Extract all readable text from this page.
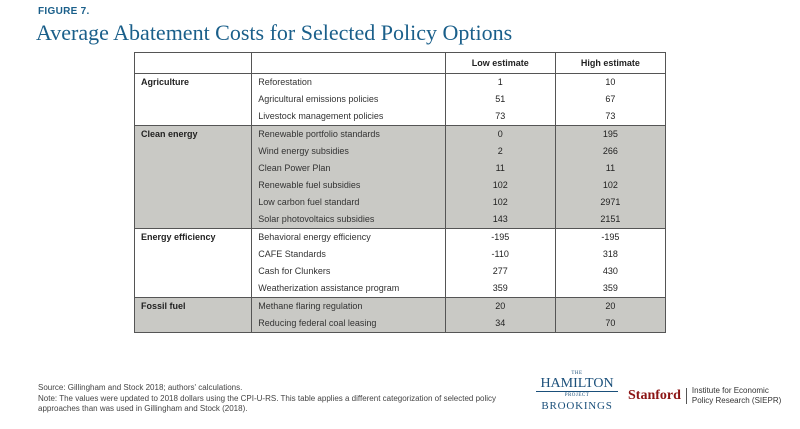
FIGURE 7.
Average Abatement Costs for Selected Policy Options
		Low estimate	High estimate
Agriculture	Reforestation	1	10
	Agricultural emissions policies	51	67
	Livestock management policies	73	73
Clean energy	Renewable portfolio standards	0	195
	Wind energy subsidies	2	266
	Clean Power Plan	11	11
	Renewable fuel subsidies	102	102
	Low carbon fuel standard	102	2971
	Solar photovoltaics subsidies	143	2151
Energy efficiency	Behavioral energy efficiency	-195	-195
	CAFE Standards	-110	318
	Cash for Clunkers	277	430
	Weatherization assistance program	359	359
Fossil fuel	Methane flaring regulation	20	20
	Reducing federal coal leasing	34	70
Source: Gillingham and Stock 2018; authors' calculations.
Note: The values were updated to 2018 dollars using the CPI-U-RS. This table applies a different categorization of selected policy approaches than was used in Gillingham and Stock (2018).
THE
HAMILTON
PROJECT
BROOKINGS
Stanford	Institute for Economic
Policy Research (SIEPR)
